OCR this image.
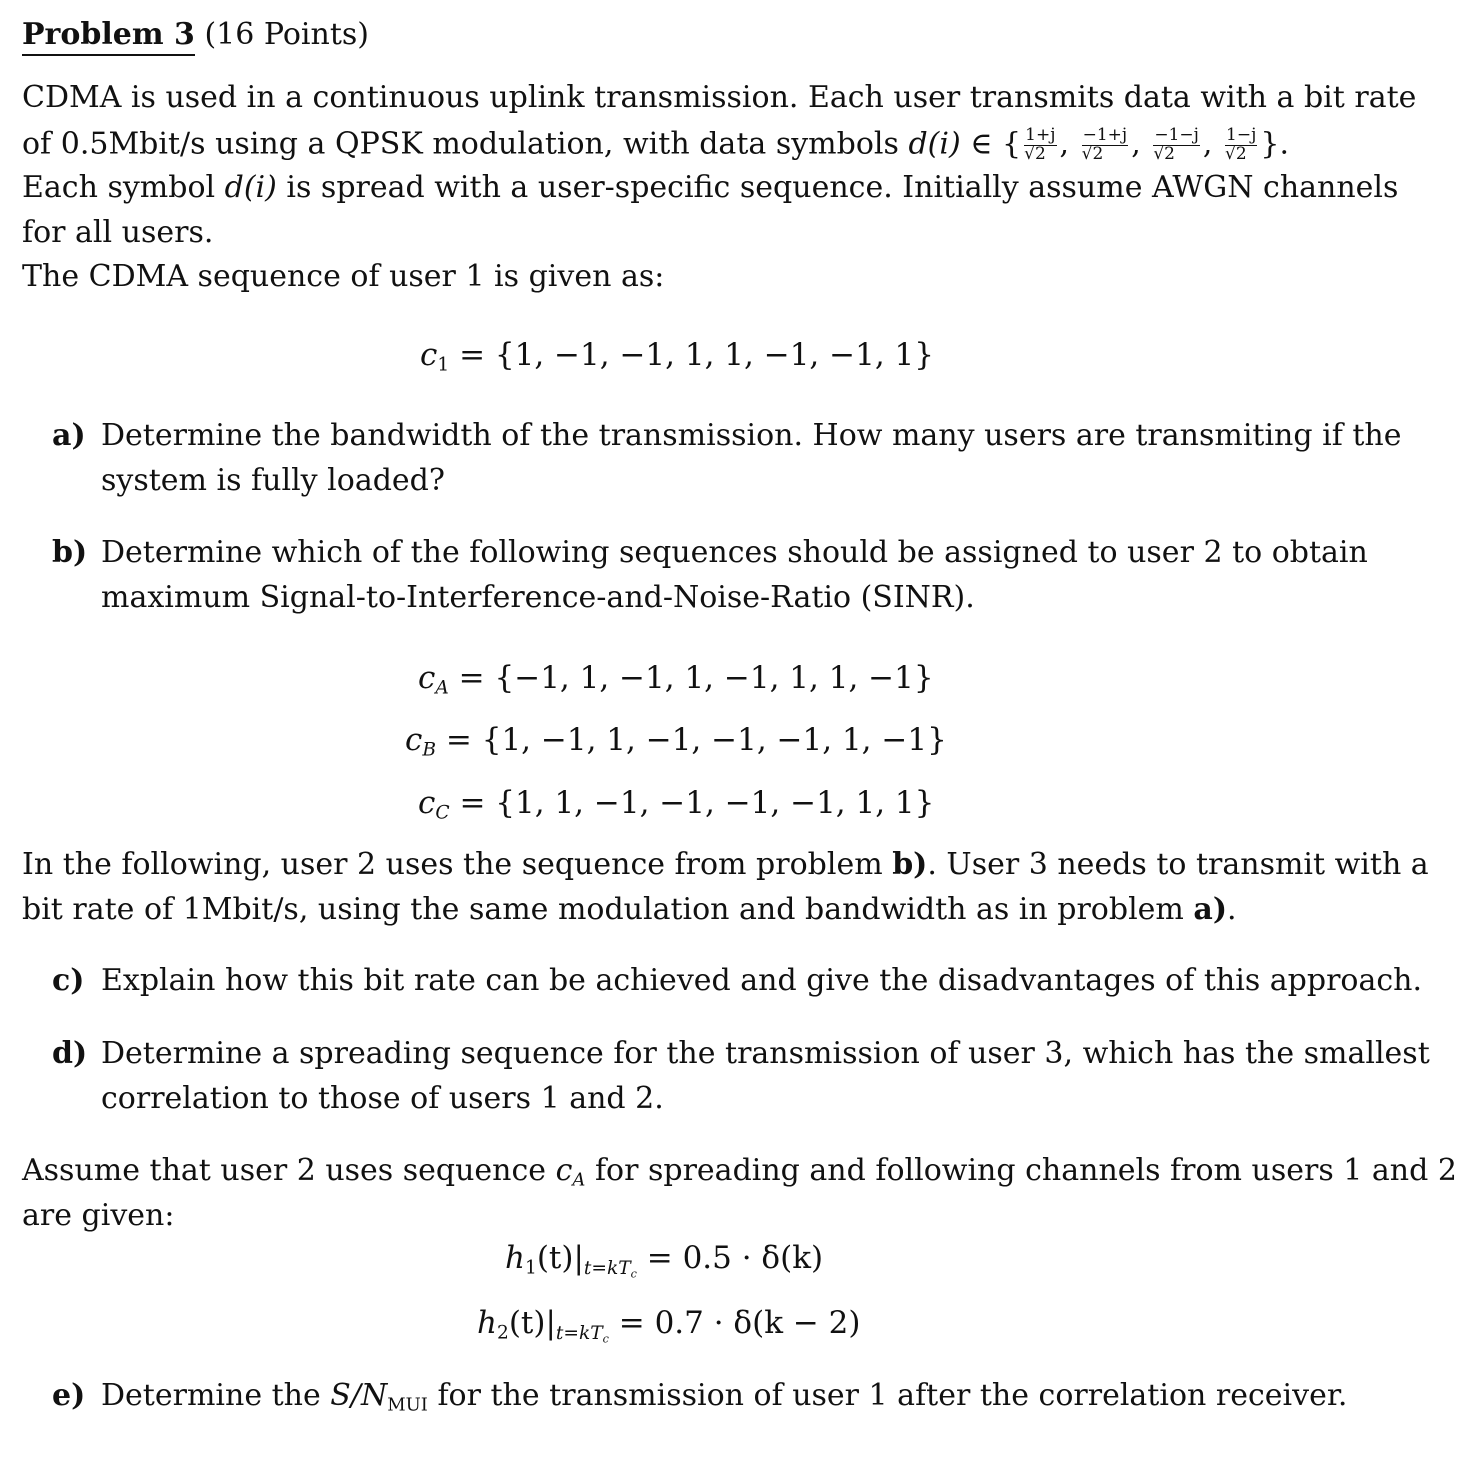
Problem 3 (16 Points)
CDMA is used in a continuous uplink transmission. Each user transmits data with a bit rate
of 0.5Mbit/s using a QPSK modulation, with data symbols d(i) ∈ { $\frac{1+j}{√2}$ , $\frac{-1+j}{√2}$ , $\frac{-1-j}{√2}$ , $\frac{1-j}{√2}$ }.
Each symbol d(i) is spread with a user-specific sequence. Initially assume AWGN channels
for all users.
The CDMA sequence of user 1 is given as:
$c_1 = \{1$, −1, −1, 1, 1, −1, −1, 1}
a) Determine the bandwidth of the transmission. How many users are transmiting if the
system is fully loaded?
b) Determine which of the following sequences should be assigned to user 2 to obtain
maximum Signal-to-Interference-and-Noise-Ratio (SINR).
$c_A = \{-1$, 1, −1, 1, −1, 1, 1, −1}
$c_B = \{1$, −1, 1, −1, −1, −1, 1, −1}
$c_C = \{1$, 1, −1, −1, −1, −1, 1, 1}
In the following, user 2 uses the sequence from problem b). User 3 needs to transmit with a
bit rate of 1Mbit/s, using the same modulation and bandwidth as in problem a).
c) Explain how this bit rate can be achieved and give the disadvantages of this approach.
d) Determine a spreading sequence for the transmission of user 3, which has the smallest
correlation to those of users 1 and 2.
Assume that user 2 uses sequence $c_A$ for spreading and following channels from users 1 and 2
are given:
$h_1(t)|_{t=kT_c} = 0.5 \cdot \delta(k)$
$h_2(t)|_{t=kT_c} = 0.7 \cdot \delta(k - 2)$
e) Determine the $S/N_{MUI}$ for the transmission of user 1 after the correlation receiver.
